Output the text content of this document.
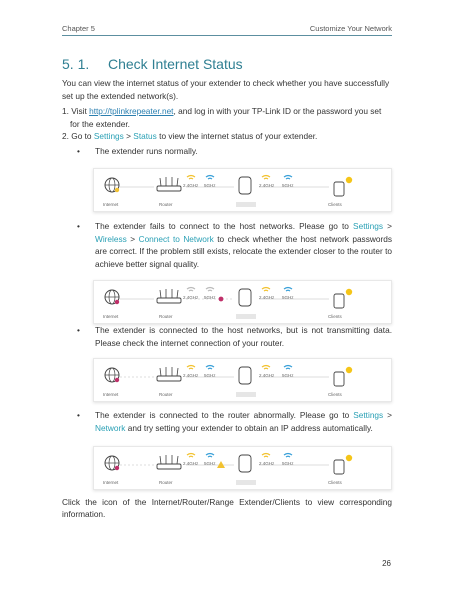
Chapter 5	Customize Your Network
5. 1. Check Internet Status
You can view the internet status of your extender to check whether you have successfully set up the extended network(s).
1. Visit http://tplinkrepeater.net, and log in with your TP-Link ID or the password you set for the extender.
2. Go to Settings > Status to view the internet status of your extender.
• The extender runs normally.
2.4GHz 5GHz	2.4GHz 5GHz
Internet	Router	Clients
• The extender fails to connect to the host networks. Please go to Settings > Wireless > Connect to Network to check whether the host network passwords are correct. If the problem still exists, relocate the extender closer to the router to achieve better signal quality.
2.4GHz 5GHz	2.4GHz 5GHz
Internet	Router	Clients
• The extender is connected to the host networks, but is not transmitting data. Please check the internet connection of your router.
2.4GHz 5GHz	2.4GHz 5GHz
Internet	Router	Clients
• The extender is connected to the router abnormally. Please go to Settings > Network and try setting your extender to obtain an IP address automatically.
2.4GHz 5GHz	2.4GHz 5GHz
Internet	Router	Clients
Click the icon of the Internet/Router/Range Extender/Clients to view corresponding information.
26
